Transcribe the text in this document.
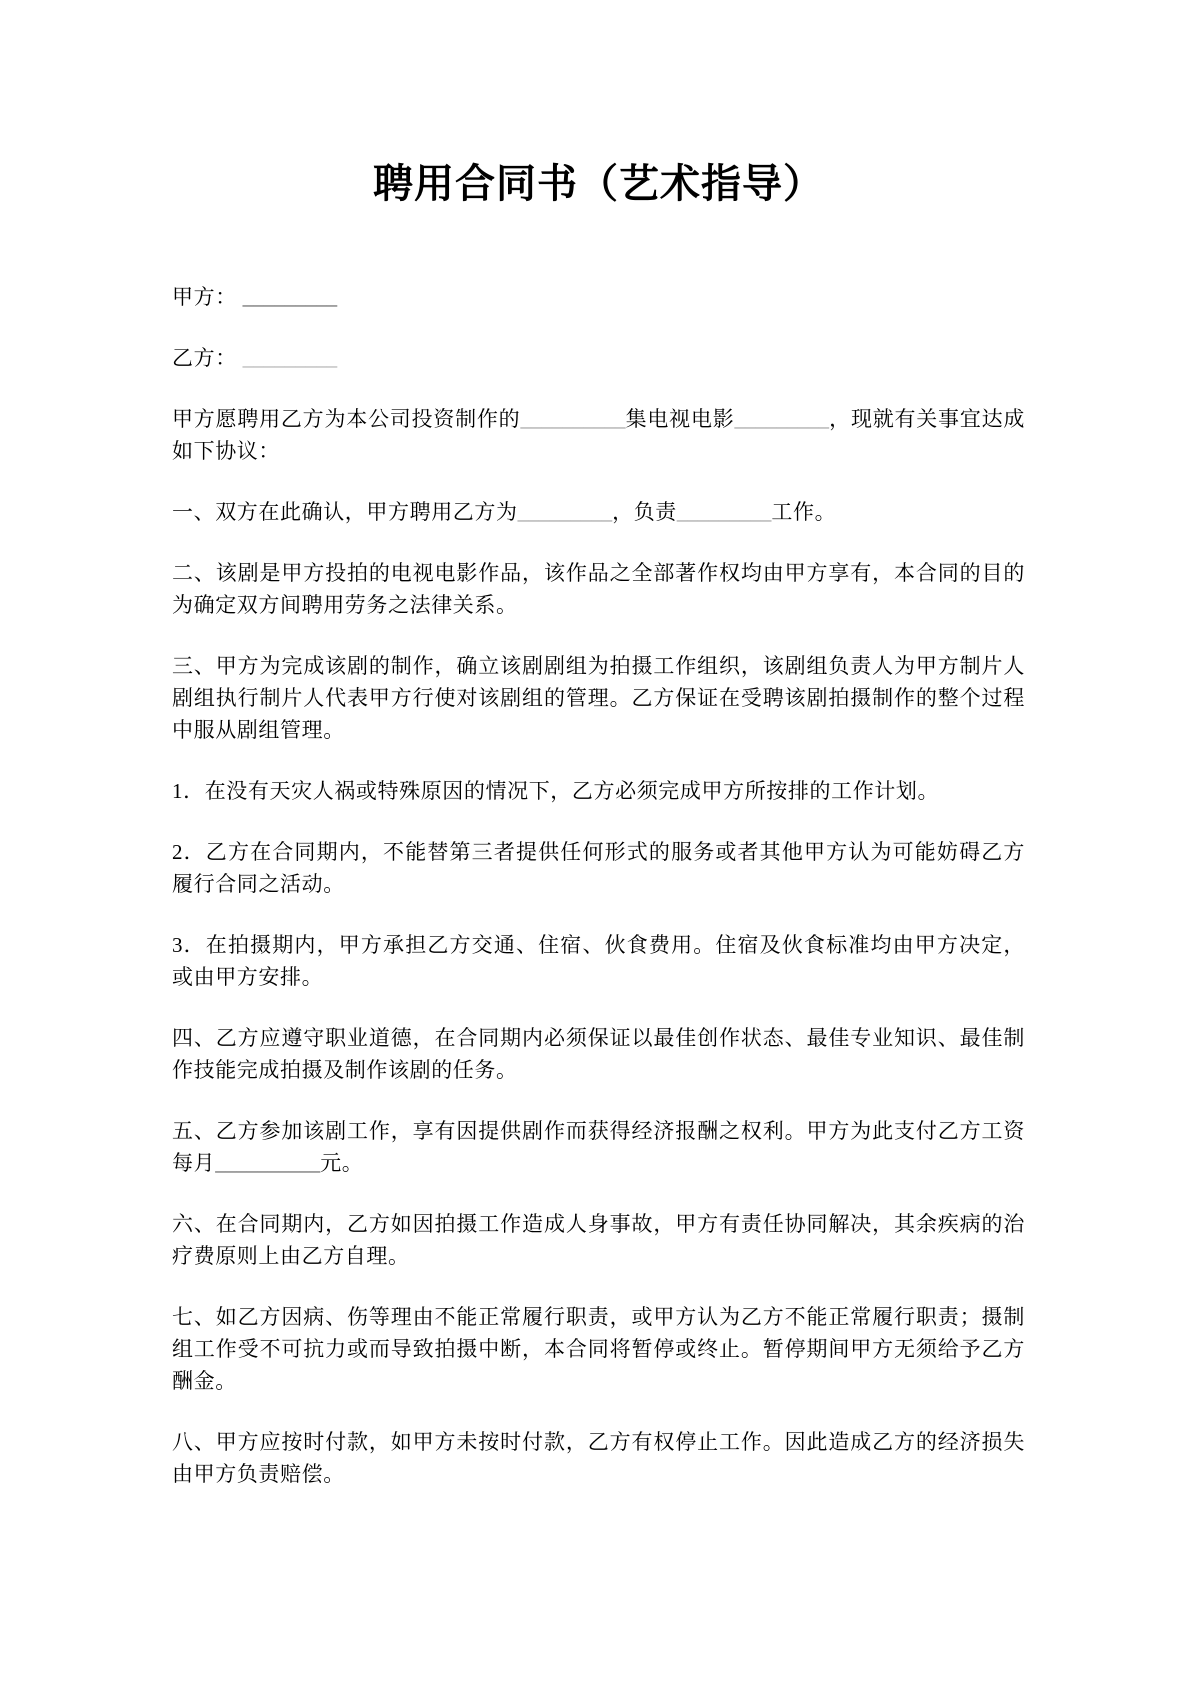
聘用合同书（艺术指导）

甲方： _________

乙方： _________

甲方愿聘用乙方为本公司投资制作的__________集电视电影_________，现就有关事宜达成如下协议：

一、双方在此确认，甲方聘用乙方为_________，负责_________工作。

二、该剧是甲方投拍的电视电影作品，该作品之全部著作权均由甲方享有，本合同的目的为确定双方间聘用劳务之法律关系。

三、甲方为完成该剧的制作，确立该剧剧组为拍摄工作组织，该剧组负责人为甲方制片人剧组执行制片人代表甲方行使对该剧组的管理。乙方保证在受聘该剧拍摄制作的整个过程中服从剧组管理。

1．在没有天灾人祸或特殊原因的情况下，乙方必须完成甲方所按排的工作计划。

2．乙方在合同期内，不能替第三者提供任何形式的服务或者其他甲方认为可能妨碍乙方履行合同之活动。

3．在拍摄期内，甲方承担乙方交通、住宿、伙食费用。住宿及伙食标准均由甲方决定，或由甲方安排。

四、乙方应遵守职业道德，在合同期内必须保证以最佳创作状态、最佳专业知识、最佳制作技能完成拍摄及制作该剧的任务。

五、乙方参加该剧工作，享有因提供剧作而获得经济报酬之权利。甲方为此支付乙方工资每月__________元。

六、在合同期内，乙方如因拍摄工作造成人身事故，甲方有责任协同解决，其余疾病的治疗费原则上由乙方自理。

七、如乙方因病、伤等理由不能正常履行职责，或甲方认为乙方不能正常履行职责；摄制组工作受不可抗力或而导致拍摄中断，本合同将暂停或终止。暂停期间甲方无须给予乙方酬金。

八、甲方应按时付款，如甲方未按时付款，乙方有权停止工作。因此造成乙方的经济损失由甲方负责赔偿。
